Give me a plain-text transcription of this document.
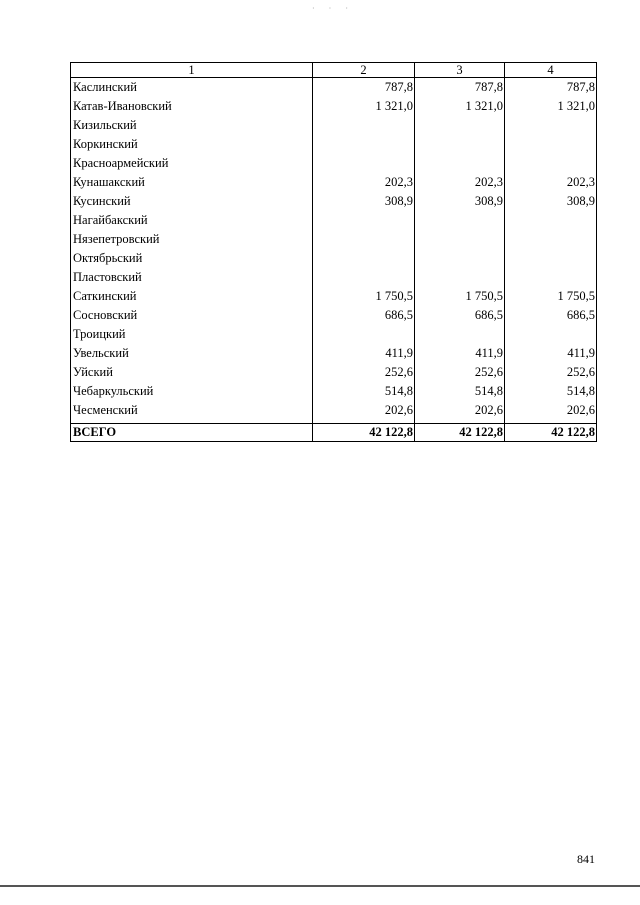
· · ·
1	2	3	4
Каслинский	787,8	787,8	787,8
Катав-Ивановский	1 321,0	1 321,0	1 321,0
Кизильский			
Коркинский			
Красноармейский			
Кунашакский	202,3	202,3	202,3
Кусинский	308,9	308,9	308,9
Нагайбакский			
Нязепетровский			
Октябрьский			
Пластовский			
Саткинский	1 750,5	1 750,5	1 750,5
Сосновский	686,5	686,5	686,5
Троицкий			
Увельский	411,9	411,9	411,9
Уйский	252,6	252,6	252,6
Чебаркульский	514,8	514,8	514,8
Чесменский	202,6	202,6	202,6

ВСЕГО	42 122,8	42 122,8	42 122,8
841
